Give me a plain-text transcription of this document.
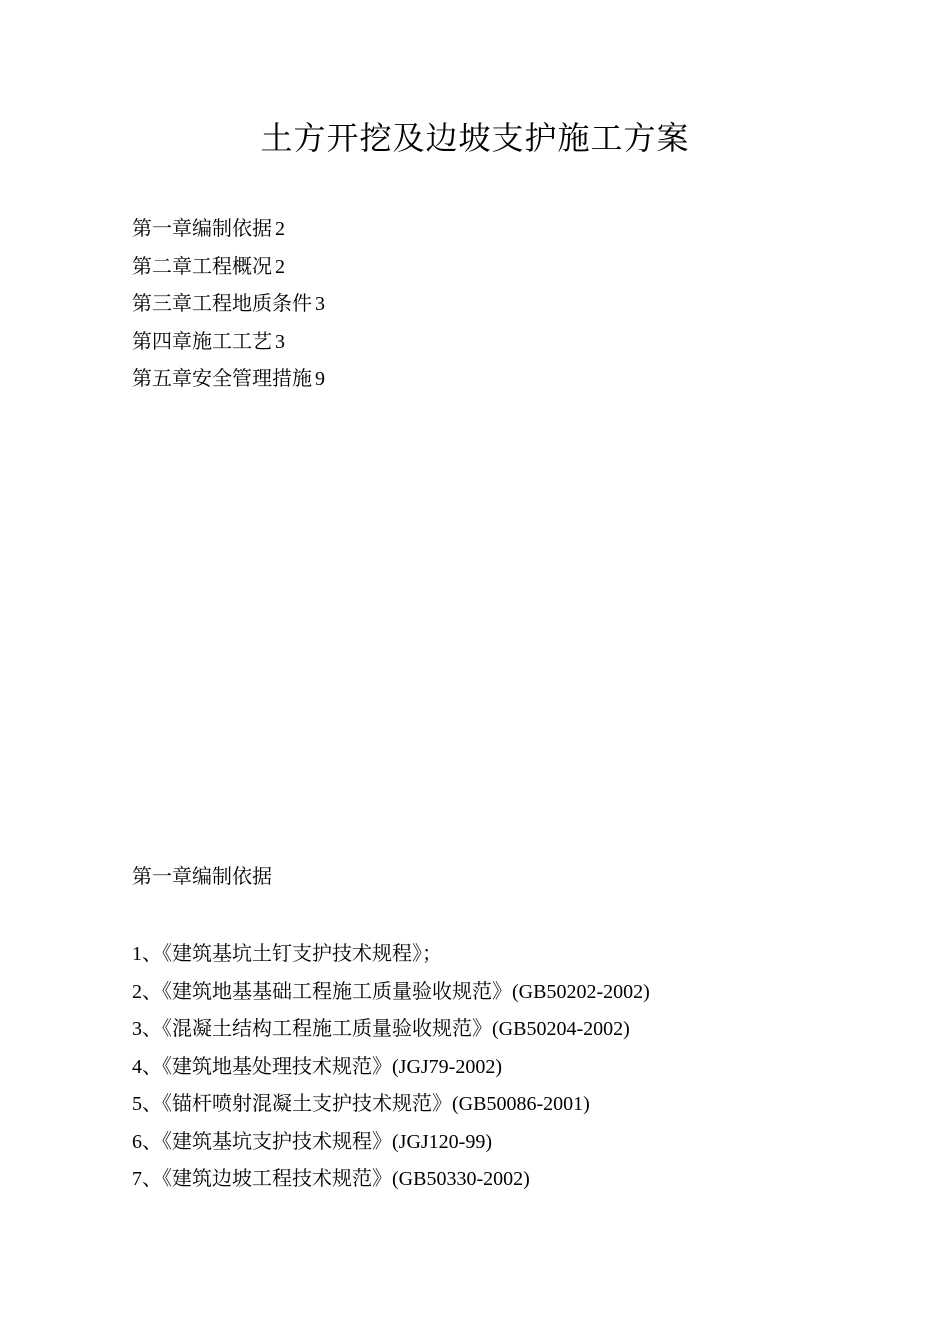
土方开挖及边坡支护施工方案
第一章编制依据 2
第二章工程概况 2
第三章工程地质条件 3
第四章施工工艺 3
第五章安全管理措施 9
第一章编制依据
1、《建筑基坑土钉支护技术规程》；
2、《建筑地基基础工程施工质量验收规范》(GB50202-2002)
3、《混凝土结构工程施工质量验收规范》(GB50204-2002)
4、《建筑地基处理技术规范》(JGJ79-2002)
5、《锚杆喷射混凝土支护技术规范》(GB50086-2001)
6、《建筑基坑支护技术规程》(JGJ120-99)
7、《建筑边坡工程技术规范》(GB50330-2002)
